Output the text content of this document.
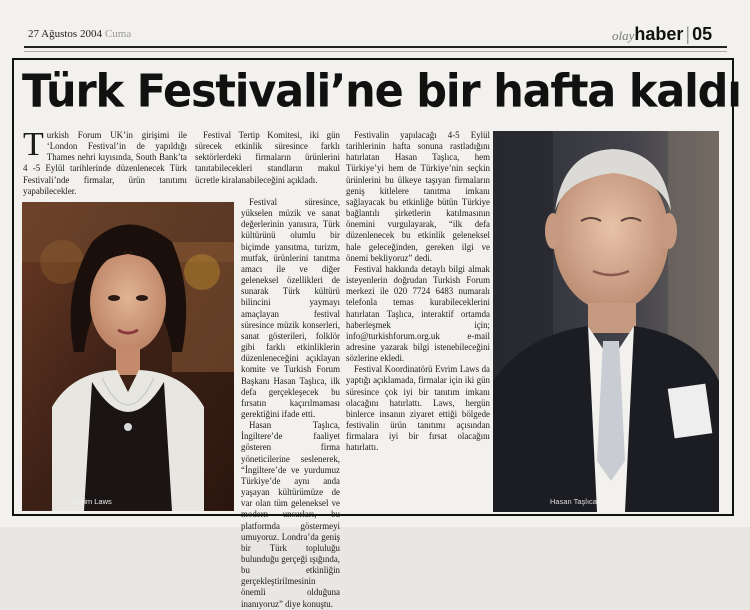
27 Ağustos 2004 Cuma	olayhaber | 05
Türk Festivali’ne bir hafta kaldı

Turkish Forum UK’in girişimi ile ‘London Festival’in de yapıldığı Thames nehri kıyısında, South Bank’ta 4 -5 Eylül tarihlerinde düzenlenecek Türk Festivali’nde firmalar, ürün tanıtımı yapabilecekler.

Festival Tertip Komitesi, iki gün sürecek etkinlik süresince farklı sektörlerdeki firmaların ürünlerini tanıtabilecekleri standların makul ücretle kiralanabileceğini açıkladı.

Festival süresince, yükselen müzik ve sanat değerlerinin yanısıra, Türk kültürünü olumlu bir biçimde yansıtma, turizm, mutfak, ürünlerini tanıtma amacı ile ve diğer geleneksel özellikleri de sunarak Türk kültürü bilincini yaymayı amaçlayan festival süresince müzik konserleri, sanat gösterileri, folklör gibi farklı etkinliklerin düzenleneceğini açıklayan komite ve Turkish Forum Başkanı Hasan Taşlıca, ilk defa gerçekleşecek bu fırsatın kaçırılmaması gerektiğini ifade etti.

Hasan Taşlıca, İngiltere’de faaliyet gösteren firma yöneticilerine seslenerek, “İngiltere’de ve yurdumuz Türkiye’de aynı anda yaşayan kültürümüze de var olan tüm geleneksel ve modern unsurları, bu platformda göstermeyi umuyoruz. Londra’da geniş bir Türk topluluğu bulunduğu gerçeği ışığında, bu etkinliğin gerçekleştirilmesinin önemli olduğuna inanıyoruz” diye konuştu.

Festivalin yapılacağı 4-5 Eylül tarihlerinin hafta sonuna rastladığını hatırlatan Hasan Taşlıca, hem Türkiye’yi hem de Türkiye’nin seçkin ürünlerini bu ülkeye taşıyan firmaların geniş kitlelere tanıtma imkanı sağlayacak bu etkinliğe bütün Türkiye bağlantılı şirketlerin katılmasının önemini vurgulayarak, “ilk defa düzenlenecek bu etkinlik geleneksel hale geleceğinden, gereken ilgi ve önemi bekliyoruz” dedi.

Festival hakkında detaylı bilgi almak isteyenlerin doğrudan Turkish Forum merkezi ile 020 7724 6483 numaralı telefonla temas kurabileceklerini hatırlatan Taşlıca, interaktif ortamda haberleşmek için; info@turkishforum.org.uk e-mail adresine yazarak bilgi istenebileceğini sözlerine ekledi.

Festival Koordinatörü Evrim Laws da yaptığı açıklamada, firmalar için iki gün süresince çok iyi bir tanıtım imkanı olacağını hatırlattı. Laws, hergün binlerce insanın ziyaret ettiği bölgede festivalin ürün tanıtımı açısından firmalara iyi bir fırsat olacağını hatırlattı.

Evrim Laws	Hasan Taşlıca
